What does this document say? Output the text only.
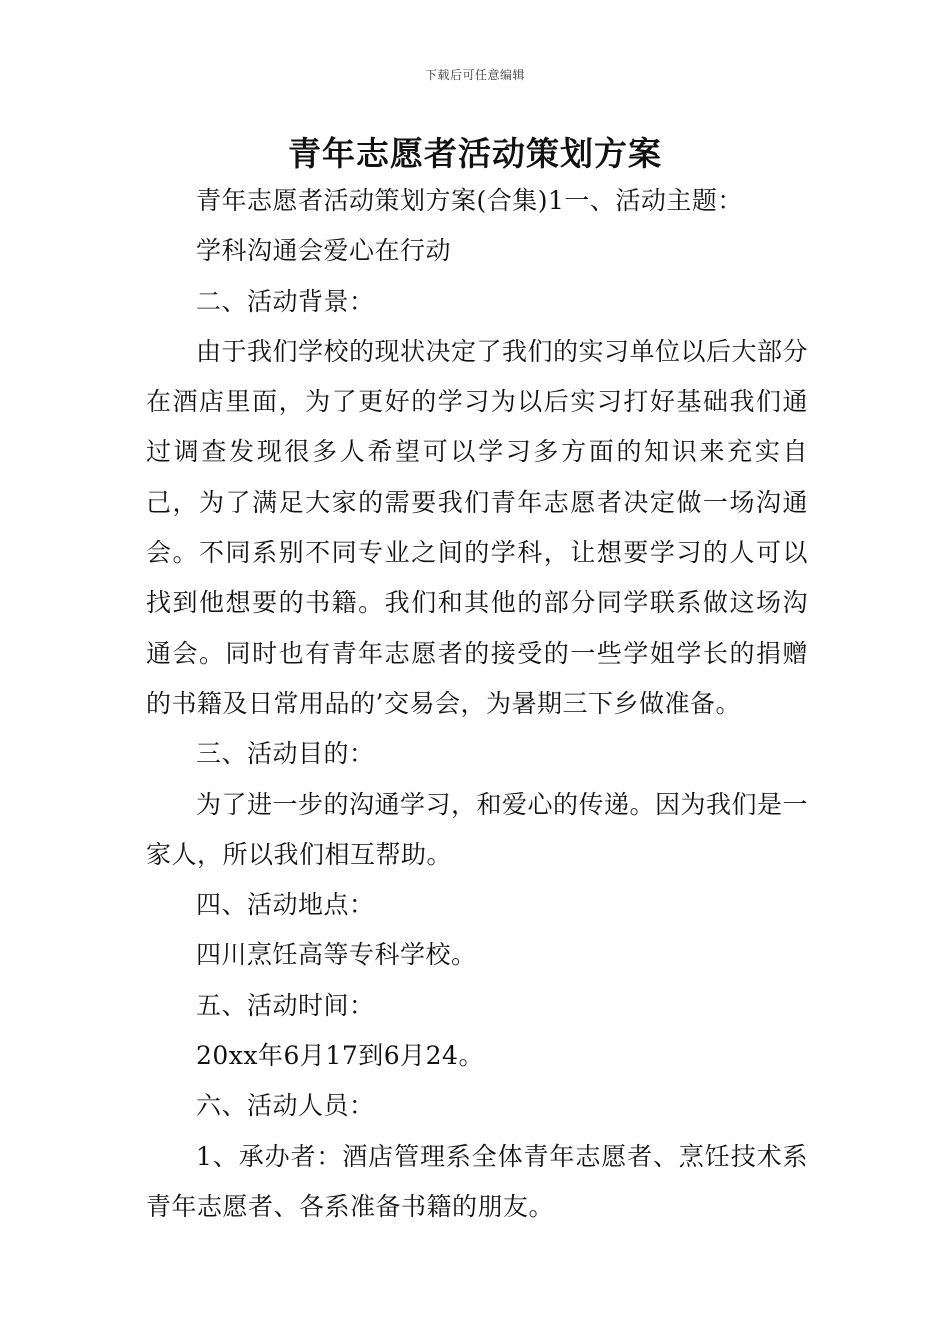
下载后可任意编辑
青年志愿者活动策划方案

青年志愿者活动策划方案(合集)1一、活动主题：

学科沟通会爱心在行动

二、活动背景：

由于我们学校的现状决定了我们的实习单位以后大部分在酒店里面，为了更好的学习为以后实习打好基础我们通过调查发现很多人希望可以学习多方面的知识来充实自己，为了满足大家的需要我们青年志愿者决定做一场沟通会。不同系别不同专业之间的学科，让想要学习的人可以找到他想要的书籍。我们和其他的部分同学联系做这场沟通会。同时也有青年志愿者的接受的一些学姐学长的捐赠的书籍及日常用品的’交易会，为暑期三下乡做准备。

三、活动目的：

为了进一步的沟通学习，和爱心的传递。因为我们是一家人，所以我们相互帮助。

四、活动地点：

四川烹饪高等专科学校。

五、活动时间：

20xx年6月17到6月24。

六、活动人员：

1、承办者：酒店管理系全体青年志愿者、烹饪技术系青年志愿者、各系准备书籍的朋友。
